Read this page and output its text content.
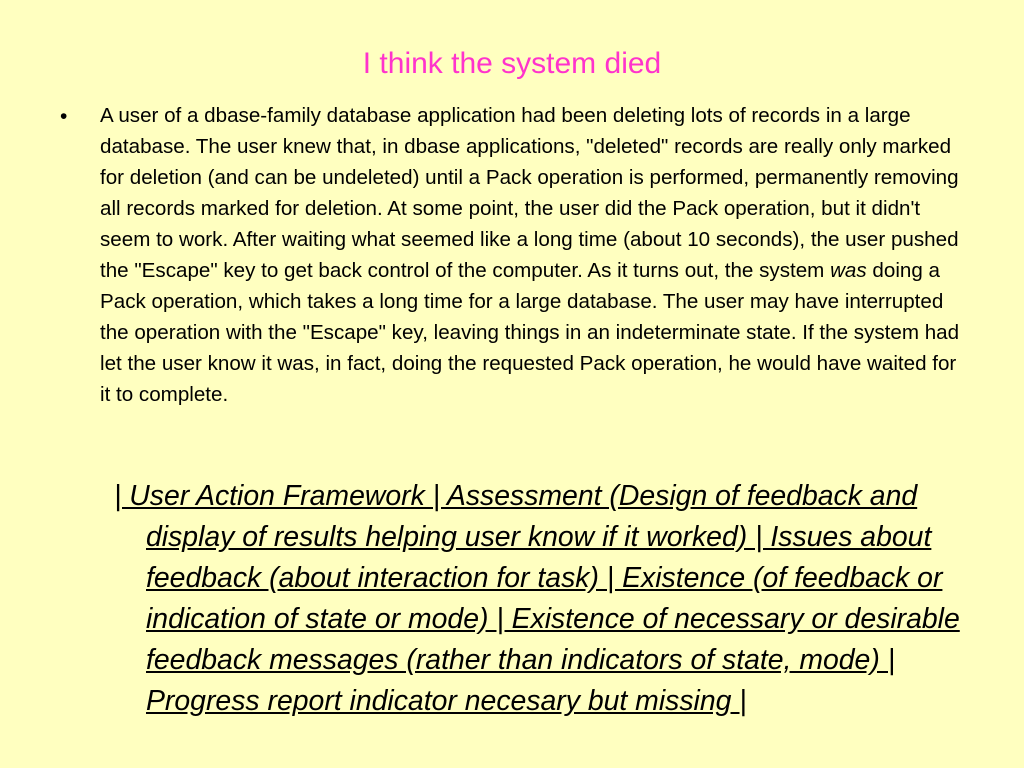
I think the system died
• A user of a dbase-family database application had been deleting lots of records in a large database. The user knew that, in dbase applications, "deleted" records are really only marked for deletion (and can be undeleted) until a Pack operation is performed, permanently removing all records marked for deletion. At some point, the user did the Pack operation, but it didn't seem to work. After waiting what seemed like a long time (about 10 seconds), the user pushed the "Escape" key to get back control of the computer. As it turns out, the system was doing a Pack operation, which takes a long time for a large database. The user may have interrupted the operation with the "Escape" key, leaving things in an indeterminate state. If the system had let the user know it was, in fact, doing the requested Pack operation, he would have waited for it to complete.

| User Action Framework | Assessment (Design of feedback and display of results helping user know if it worked) | Issues about feedback (about interaction for task) | Existence (of feedback or indication of state or mode) | Existence of necessary or desirable feedback messages (rather than indicators of state, mode) | Progress report indicator necesary but missing |
